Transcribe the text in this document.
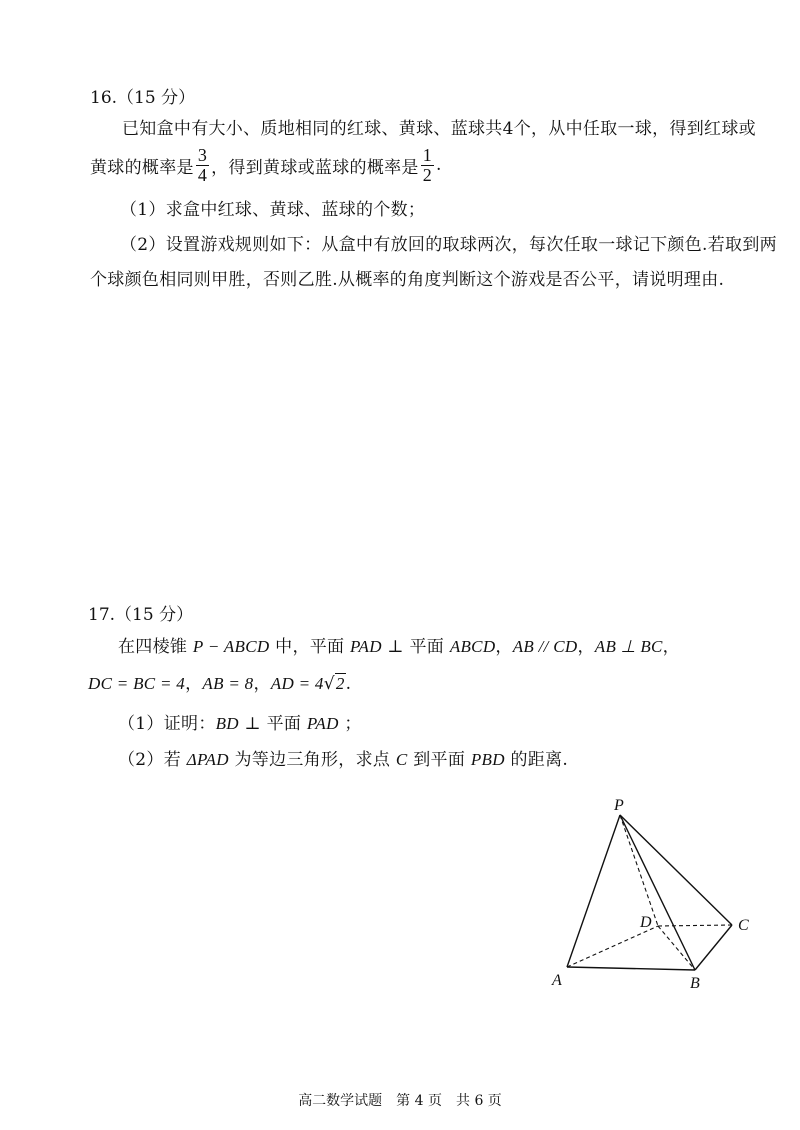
16.（15 分）
已知盒中有大小、质地相同的红球、黄球、蓝球共4个，从中任取一球，得到红球或
黄球的概率是 $\frac{3}{4}$ ，得到黄球或蓝球的概率是 $\frac{1}{2}$ .
（1）求盒中红球、黄球、蓝球的个数；
（2）设置游戏规则如下：从盒中有放回的取球两次，每次任取一球记下颜色.若取到两
个球颜色相同则甲胜，否则乙胜.从概率的角度判断这个游戏是否公平，请说明理由.
17.（15 分）
在四棱锥 P − ABCD 中，平面 PAD ⊥ 平面 ABCD，AB // CD，AB ⊥ BC，
DC = BC = 4，AB = 8，AD = 4√2.
（1）证明：BD ⊥ 平面 PAD ；
（2）若 ΔPAD 为等边三角形，求点 C 到平面 PBD 的距离.
P
A	B
C
D
高二数学试题　第 4 页　共 6 页
